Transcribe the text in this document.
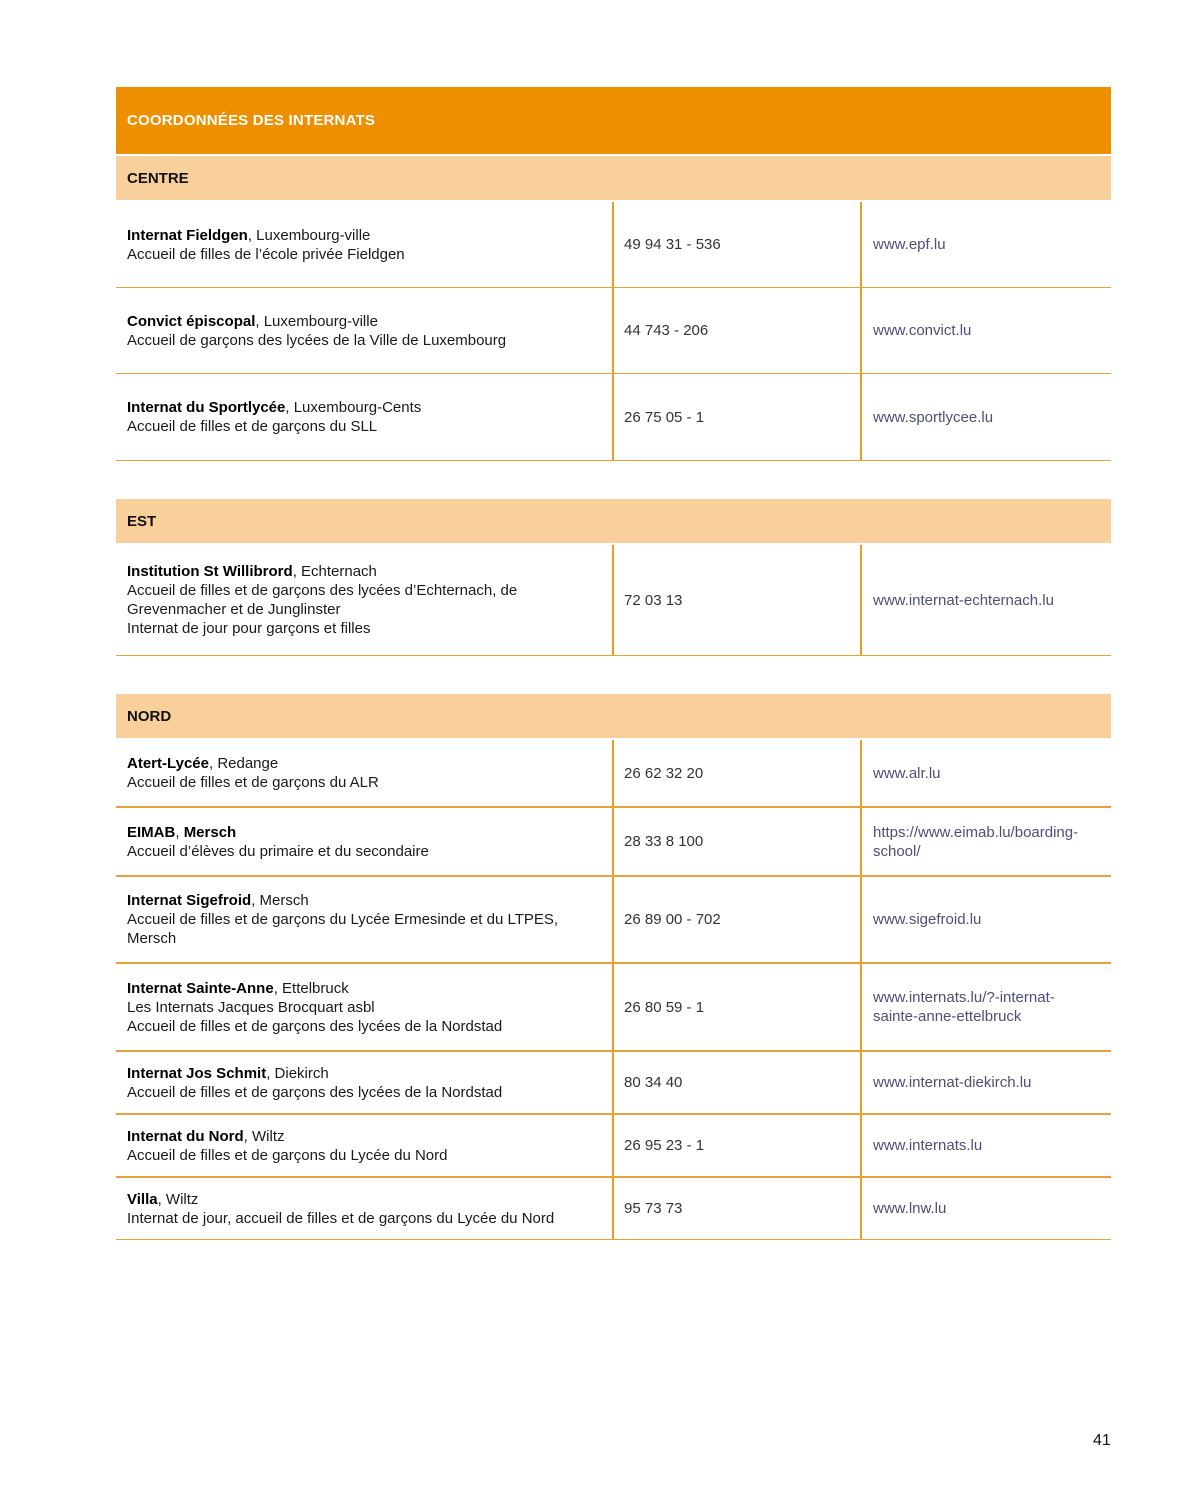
COORDONNÉES DES INTERNATS
CENTRE
Internat Fieldgen, Luxembourg-ville
Accueil de filles de l’école privée Fieldgen
49 94 31 - 536	www.epf.lu
Convict épiscopal, Luxembourg-ville
Accueil de garçons des lycées de la Ville de Luxembourg
44 743 - 206	www.convict.lu
Internat du Sportlycée, Luxembourg-Cents
Accueil de filles et de garçons du SLL
26 75 05 - 1	www.sportlycee.lu
EST
Institution St Willibrord, Echternach
Accueil de filles et de garçons des lycées d’Echternach, de
Grevenmacher et de Junglinster
Internat de jour pour garçons et filles
72 03 13	www.internat-echternach.lu
NORD
Atert-Lycée, Redange
Accueil de filles et de garçons du ALR
26 62 32 20	www.alr.lu
EIMAB, Mersch
Accueil d’élèves du primaire et du secondaire
28 33 8 100
https://www.eimab.lu/boarding-
school/
Internat Sigefroid, Mersch
Accueil de filles et de garçons du Lycée Ermesinde et du LTPES,
Mersch
26 89 00 - 702	www.sigefroid.lu
Internat Sainte-Anne, Ettelbruck
Les Internats Jacques Brocquart asbl
Accueil de filles et de garçons des lycées de la Nordstad
26 80 59 - 1
www.internats.lu/?-internat-
sainte-anne-ettelbruck
Internat Jos Schmit, Diekirch
Accueil de filles et de garçons des lycées de la Nordstad
80 34 40	www.internat-diekirch.lu
Internat du Nord, Wiltz
Accueil de filles et de garçons du Lycée du Nord
26 95 23 - 1	www.internats.lu
Villa, Wiltz
Internat de jour, accueil de filles et de garçons du Lycée du Nord
95 73 73	www.lnw.lu
41
